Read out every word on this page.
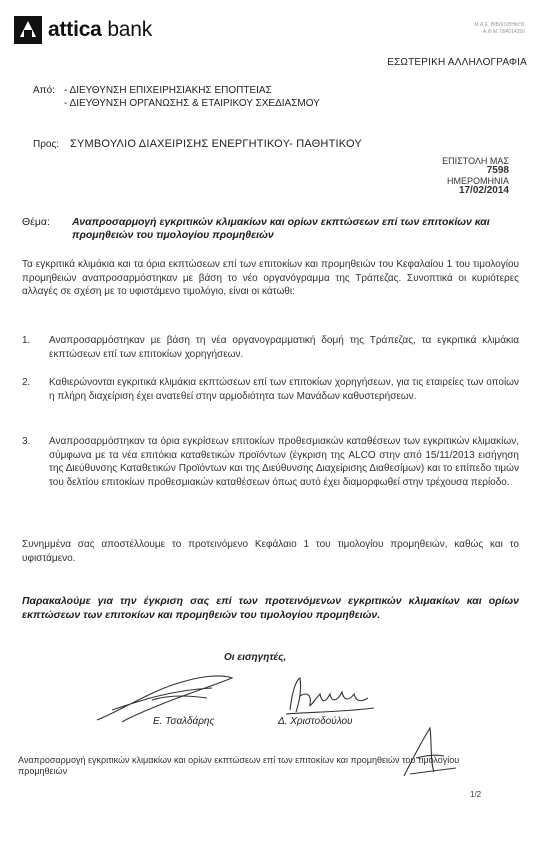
attica bank	Μ.Α.Ε. ΒΙΒΛΙΟΘΗΚΗΣ
Α.Φ.Μ. 094014250
ΕΣΩΤΕΡΙΚΗ ΑΛΛΗΛΟΓΡΑΦΙΑ
Από: - ΔΙΕΥΘΥΝΣΗ ΕΠΙΧΕΙΡΗΣΙΑΚΗΣ ΕΠΟΠΤΕΙΑΣ
- ΔΙΕΥΘΥΝΣΗ ΟΡΓΑΝΩΣΗΣ & ΕΤΑΙΡΙΚΟΥ ΣΧΕΔΙΑΣΜΟΥ
Προς: ΣΥΜΒΟΥΛΙΟ ΔΙΑΧΕΙΡΙΣΗΣ ΕΝΕΡΓΗΤΙΚΟΥ- ΠΑΘΗΤΙΚΟΥ
ΕΠΙΣΤΟΛΗ ΜΑΣ
7598
ΗΜΕΡΟΜΗΝΙΑ
17/02/2014
Θέμα: Αναπροσαρμογή εγκριτικών κλιμακίων και ορίων εκπτώσεων επί των επιτοκίων και προμηθειών του τιμολογίου προμηθειών
Τα εγκριτικά κλιμάκια και τα όρια εκπτώσεων επί των επιτοκίων και προμηθειών του Κεφαλαίου 1 του τιμολογίου προμηθειών αναπροσαρμόστηκαν με βάση το νέο οργανόγραμμα της Τράπεζας. Συνοπτικά οι κυριότερες αλλαγές σε σχέση με το υφιστάμενο τιμολόγιο, είναι οι κάτωθι:
1. Αναπροσαρμόστηκαν με βάση τη νέα οργανογραμματική δομή της Τράπεζας, τα εγκριτικά κλιμάκια εκπτώσεων επί των επιτοκίων χορηγήσεων.
2. Καθιερώνονται εγκριτικά κλιμάκια εκπτώσεων επί των επιτοκίων χορηγήσεων, για τις εταιρείες των οποίων η πλήρη διαχείριση έχει ανατεθεί στην αρμοδιότητα των Μανάδων καθυστερήσεων.
3. Αναπροσαρμόστηκαν τα όρια εγκρίσεων επιτοκίων προθεσμιακών καταθέσεων των εγκριτικών κλιμακίων, σύμφωνα με τα νέα επιτόκια καταθετικών προϊόντων (έγκριση της ALCO στην από 15/11/2013 εισήγηση της Διεύθυνσης Καταθετικών Προϊόντων και της Διεύθυνσης Διαχείρισης Διαθεσίμων) και το επίπεδο τιμών του δελτίου επιτοκίων προθεσμιακών καταθέσεων όπως αυτό έχει διαμορφωθεί στην τρέχουσα περίοδο.
Συνημμένα σας αποστέλλουμε το προτεινόμενο Κεφάλαιο 1 του τιμολογίου προμηθειών, καθώς και το υφιστάμενο.
Παρακαλούμε για την έγκριση σας επί των προτεινόμενων εγκριτικών κλιμακίων και ορίων εκπτώσεων των επιτοκίων και προμηθειών του τιμολογίου προμηθειών.
Οι εισηγητές,
Ε. Τσαλδάρης	Δ. Χριστοδούλου
Αναπροσαρμογή εγκριτικών κλιμακίων και ορίων εκπτώσεων επί των επιτοκίων και προμηθειών του τιμολογίου προμηθειών
1/2
